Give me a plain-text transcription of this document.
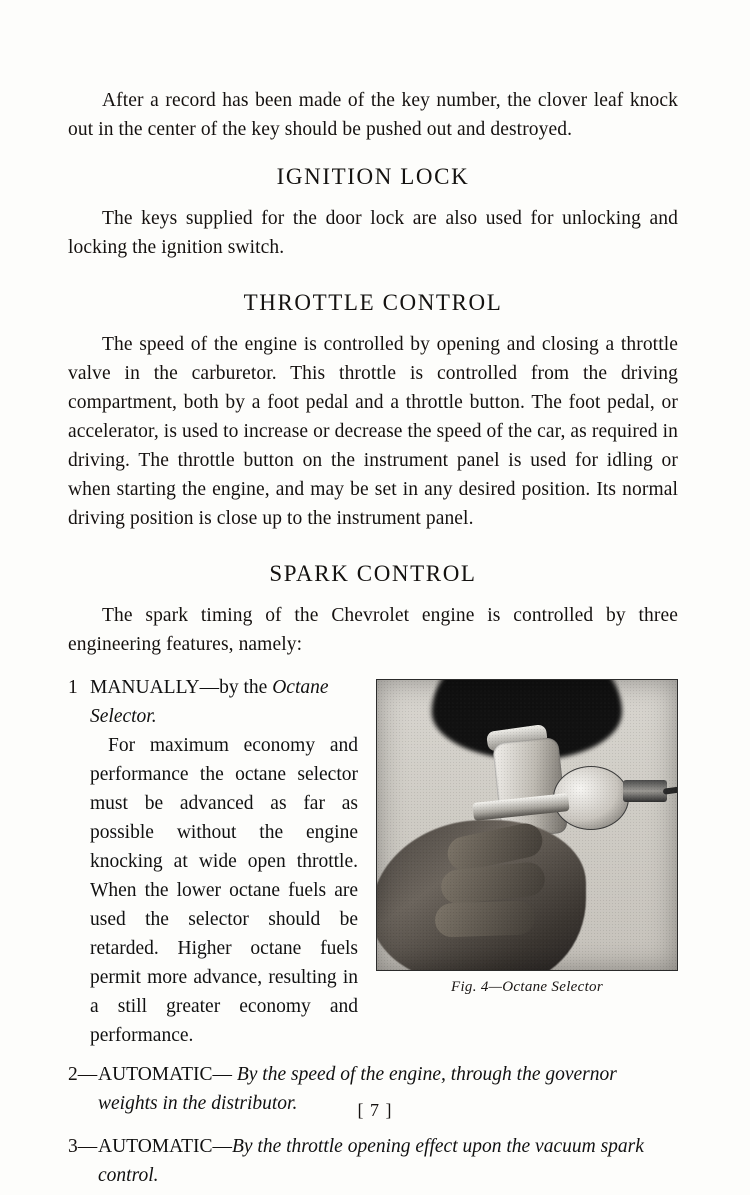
After a record has been made of the key number, the clover leaf knock out in the center of the key should be pushed out and destroyed.

IGNITION LOCK

The keys supplied for the door lock are also used for unlocking and locking the ignition switch.

THROTTLE CONTROL

The speed of the engine is controlled by opening and closing a throttle valve in the carburetor. This throttle is controlled from the driving compartment, both by a foot pedal and a throttle button. The foot pedal, or accelerator, is used to increase or decrease the speed of the car, as required in driving. The throttle button on the instrument panel is used for idling or when starting the engine, and may be set in any desired position. Its normal driving position is close up to the instrument panel.

SPARK CONTROL

The spark timing of the Chevrolet engine is controlled by three engineering features, namely:

Fig. 4—Octane Selector
1 MANUALLY—by the Octane Selector.
For maximum economy and performance the octane selector must be advanced as far as possible without the engine knocking at wide open throttle. When the lower octane fuels are used the selector should be retarded. Higher octane fuels permit more advance, resulting in a still greater economy and performance.
2— AUTOMATIC— By the speed of the engine, through the governor weights in the distributor.
3— AUTOMATIC—By the throttle opening effect upon the vacuum spark control.
[ 7 ]
